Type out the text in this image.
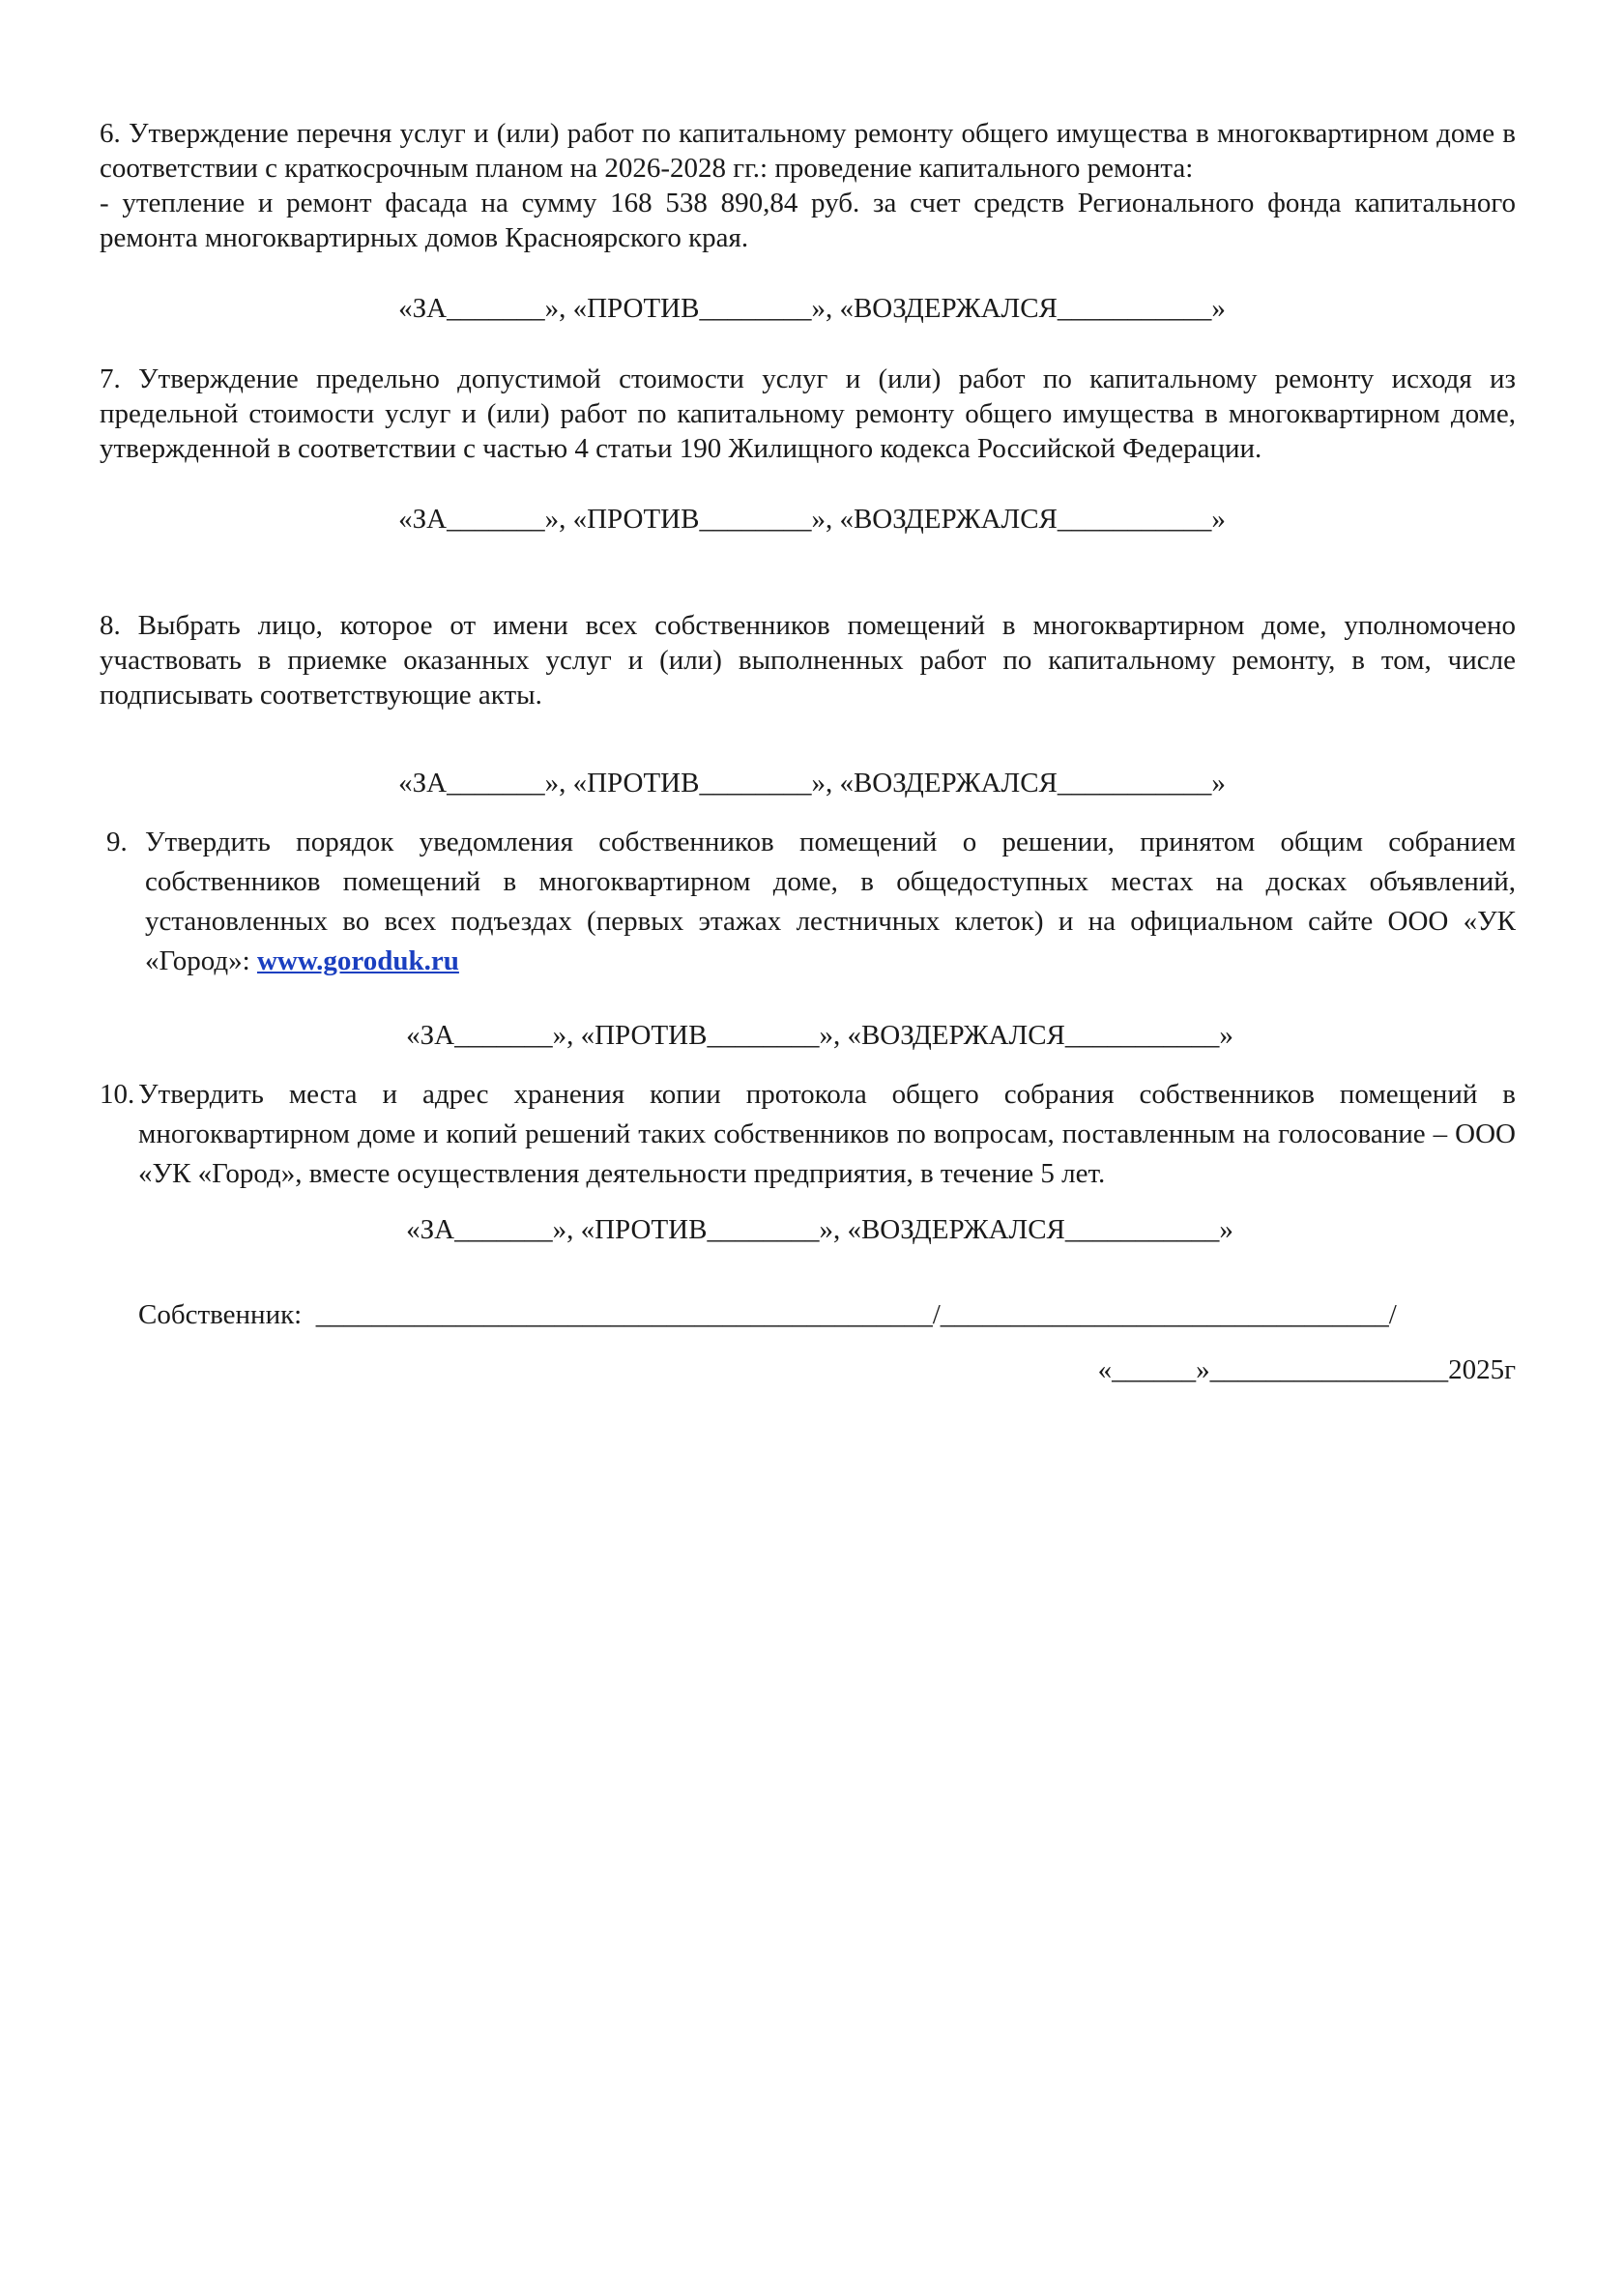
6. Утверждение перечня услуг и (или) работ по капитальному ремонту общего имущества в многоквартирном доме в соответствии с краткосрочным планом на 2026-2028 гг.: проведение капитального ремонта:

- утепление и ремонт фасада на сумму 168 538 890,84 руб. за счет средств Регионального фонда капитального ремонта многоквартирных домов Красноярского края.

«ЗА_______», «ПРОТИВ________», «ВОЗДЕРЖАЛСЯ___________»

7. Утверждение предельно допустимой стоимости услуг и (или) работ по капитальному ремонту исходя из предельной стоимости услуг и (или) работ по капитальному ремонту общего имущества в многоквартирном доме, утвержденной в соответствии с частью 4 статьи 190 Жилищного кодекса Российской Федерации.

«ЗА_______», «ПРОТИВ________», «ВОЗДЕРЖАЛСЯ___________»

8. Выбрать лицо, которое от имени всех собственников помещений в многоквартирном доме, уполномочено участвовать в приемке оказанных услуг и (или) выполненных работ по капитальному ремонту, в том, числе подписывать соответствующие акты.

«ЗА_______», «ПРОТИВ________», «ВОЗДЕРЖАЛСЯ___________»

9. Утвердить порядок уведомления собственников помещений о решении, принятом общим собранием собственников помещений в многоквартирном доме, в общедоступных местах на досках объявлений, установленных во всех подъездах (первых этажах лестничных клеток) и на официальном сайте ООО «УК «Город»: www.goroduk.ru

«ЗА_______», «ПРОТИВ________», «ВОЗДЕРЖАЛСЯ___________»

10. Утвердить места и адрес хранения копии протокола общего собрания собственников помещений в многоквартирном доме и копий решений таких собственников по вопросам, поставленным на голосование – ООО «УК «Город», вместе осуществления деятельности предприятия, в течение 5 лет.

«ЗА_______», «ПРОТИВ________», «ВОЗДЕРЖАЛСЯ___________»

Собственник:  ____________________________________________/________________________________/

«______»_________________2025г
